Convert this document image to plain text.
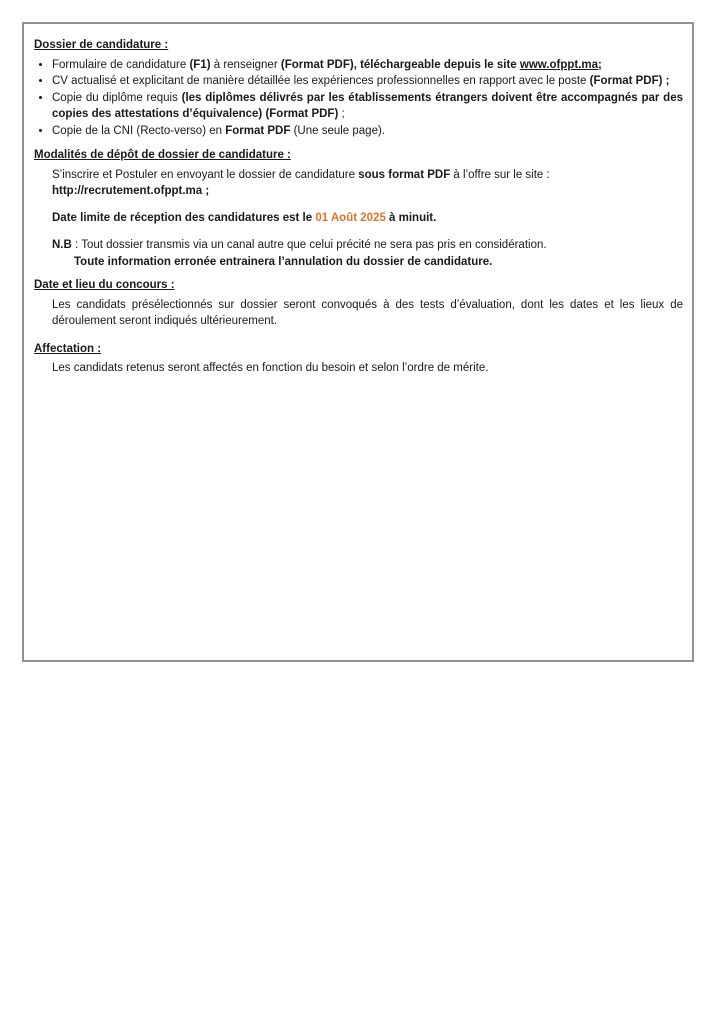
Dossier de candidature :
• Formulaire de candidature (F1) à renseigner (Format PDF), téléchargeable depuis le site www.ofppt.ma;
• CV actualisé et explicitant de manière détaillée les expériences professionnelles en rapport avec le poste (Format PDF) ;
• Copie du diplôme requis (les diplômes délivrés par les établissements étrangers doivent être accompagnés par des copies des attestations d’équivalence) (Format PDF) ;
• Copie de la CNI (Recto-verso) en Format PDF (Une seule page).
Modalités de dépôt de dossier de candidature :

S’inscrire et Postuler en envoyant le dossier de candidature sous format PDF à l’offre sur le site :

http://recrutement.ofppt.ma ;

Date limite de réception des candidatures est le 01 Août 2025 à minuit.

N.B : Tout dossier transmis via un canal autre que celui précité ne sera pas pris en considération.

Toute information erronée entrainera l’annulation du dossier de candidature.

Date et lieu du concours :

Les candidats présélectionnés sur dossier seront convoqués à des tests d’évaluation, dont les dates et les lieux de déroulement seront indiqués ultérieurement.

Affectation :

Les candidats retenus seront affectés en fonction du besoin et selon l’ordre de mérite.
